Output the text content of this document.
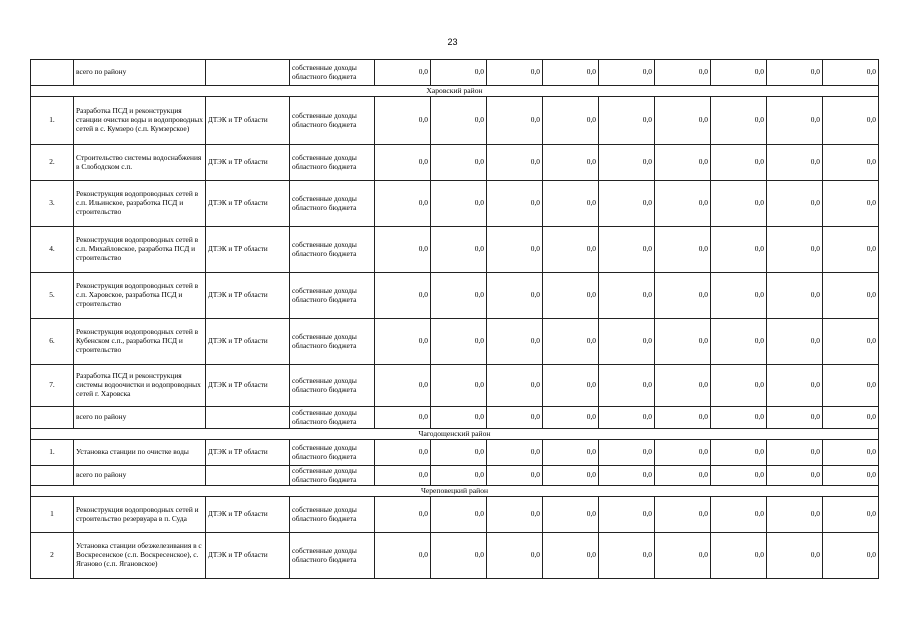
23
	всего по району		собственные доходы областного бюджета	0,0	0,0	0,0	0,0	0,0	0,0	0,0	0,0	0,0
Харовский район												
1.	Разработка ПСД и реконструкция станции очистки воды и водопроводных сетей в с. Кумзеро (с.п. Кумзерское)	ДТЭК и ТР области	собственные доходы областного бюджета	0,0	0,0	0,0	0,0	0,0	0,0	0,0	0,0	0,0
2.	Строительство системы водоснабжения в Слободском с.п.	ДТЭК и ТР области	собственные доходы областного бюджета	0,0	0,0	0,0	0,0	0,0	0,0	0,0	0,0	0,0
3.	Реконструкция водопроводных сетей в с.п. Ильинское, разработка ПСД и строительство	ДТЭК и ТР области	собственные доходы областного бюджета	0,0	0,0	0,0	0,0	0,0	0,0	0,0	0,0	0,0
4.	Реконструкция водопроводных сетей в с.п. Михайловское, разработка ПСД и строительство	ДТЭК и ТР области	собственные доходы областного бюджета	0,0	0,0	0,0	0,0	0,0	0,0	0,0	0,0	0,0
5.	Реконструкция водопроводных сетей в с.п. Харовское, разработка ПСД и строительство	ДТЭК и ТР области	собственные доходы областного бюджета	0,0	0,0	0,0	0,0	0,0	0,0	0,0	0,0	0,0
6.	Реконструкция водопроводных сетей в Кубенском с.п., разработка ПСД и строительство	ДТЭК и ТР области	собственные доходы областного бюджета	0,0	0,0	0,0	0,0	0,0	0,0	0,0	0,0	0,0
7.	Разработка ПСД и реконструкция системы водоочистки и водопроводных сетей г. Харовска	ДТЭК и ТР области	собственные доходы областного бюджета	0,0	0,0	0,0	0,0	0,0	0,0	0,0	0,0	0,0
	всего по району		собственные доходы областного бюджета	0,0	0,0	0,0	0,0	0,0	0,0	0,0	0,0	0,0
Чагодощенский район												
1.	Установка станции по очистке воды	ДТЭК и ТР области	собственные доходы областного бюджета	0,0	0,0	0,0	0,0	0,0	0,0	0,0	0,0	0,0
	всего по району		собственные доходы областного бюджета	0,0	0,0	0,0	0,0	0,0	0,0	0,0	0,0	0,0
Череповецкий район												
1	Реконструкция водопроводных сетей и строительство резервуара в п. Суда	ДТЭК и ТР области	собственные доходы областного бюджета	0,0	0,0	0,0	0,0	0,0	0,0	0,0	0,0	0,0
2	Установка станции обезжелезивания в с Воскресенское (с.п. Воскресенское), с. Яганово (с.п. Ягановское)	ДТЭК и ТР области	собственные доходы областного бюджета	0,0	0,0	0,0	0,0	0,0	0,0	0,0	0,0	0,0
